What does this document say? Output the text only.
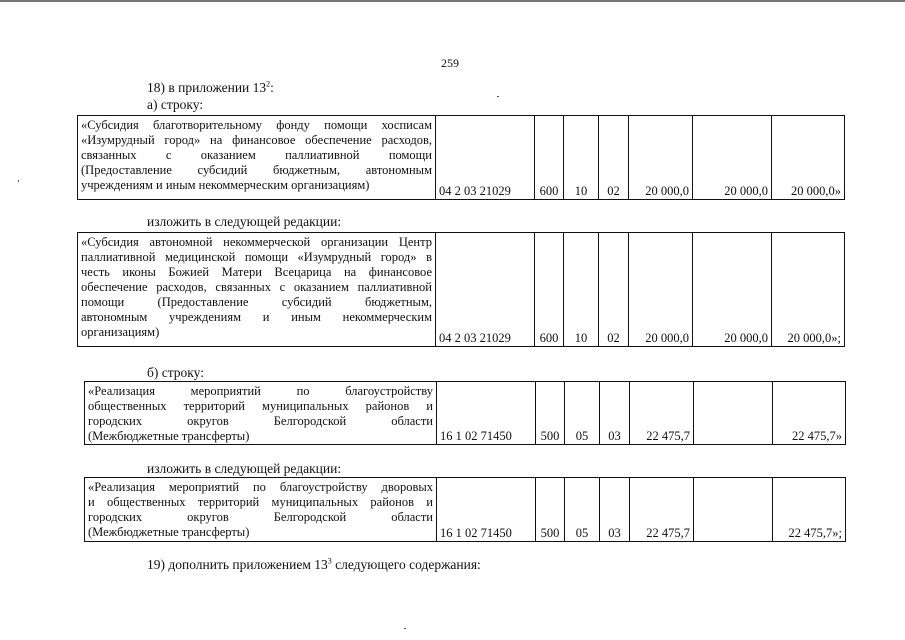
259
18) в приложении $13^2$:
а) строку:
«Субсидия благотворительному фонду помощи хосписам
«Изумрудный город» на финансовое обеспечение расходов,
связанных с оказанием паллиативной помощи
(Предоставление субсидий бюджетным, автономным
учреждениям и иным некоммерческим организациям)	04 2 03 21029	600	10	02	20 000,0	20 000,0	20 000,0»
изложить в следующей редакции:
«Субсидия автономной некоммерческой организации Центр
паллиативной медицинской помощи «Изумрудный город» в
честь иконы Божией Матери Всецарица на финансовое
обеспечение расходов, связанных с оказанием паллиативной
помощи (Предоставление субсидий бюджетным,
автономным учреждениям и иным некоммерческим
организациям)	04 2 03 21029	600	10	02	20 000,0	20 000,0	20 000,0»;
б) строку:
«Реализация мероприятий по благоустройству
общественных территорий муниципальных районов и
городских округов Белгородской области
(Межбюджетные трансферты)	16 1 02 71450	500	05	03	22 475,7		22 475,7»
изложить в следующей редакции:
«Реализация мероприятий по благоустройству дворовых
и общественных территорий муниципальных районов и
городских округов Белгородской области
(Межбюджетные трансферты)	16 1 02 71450	500	05	03	22 475,7		22 475,7»;
19) дополнить приложением $13^3$ следующего содержания:
